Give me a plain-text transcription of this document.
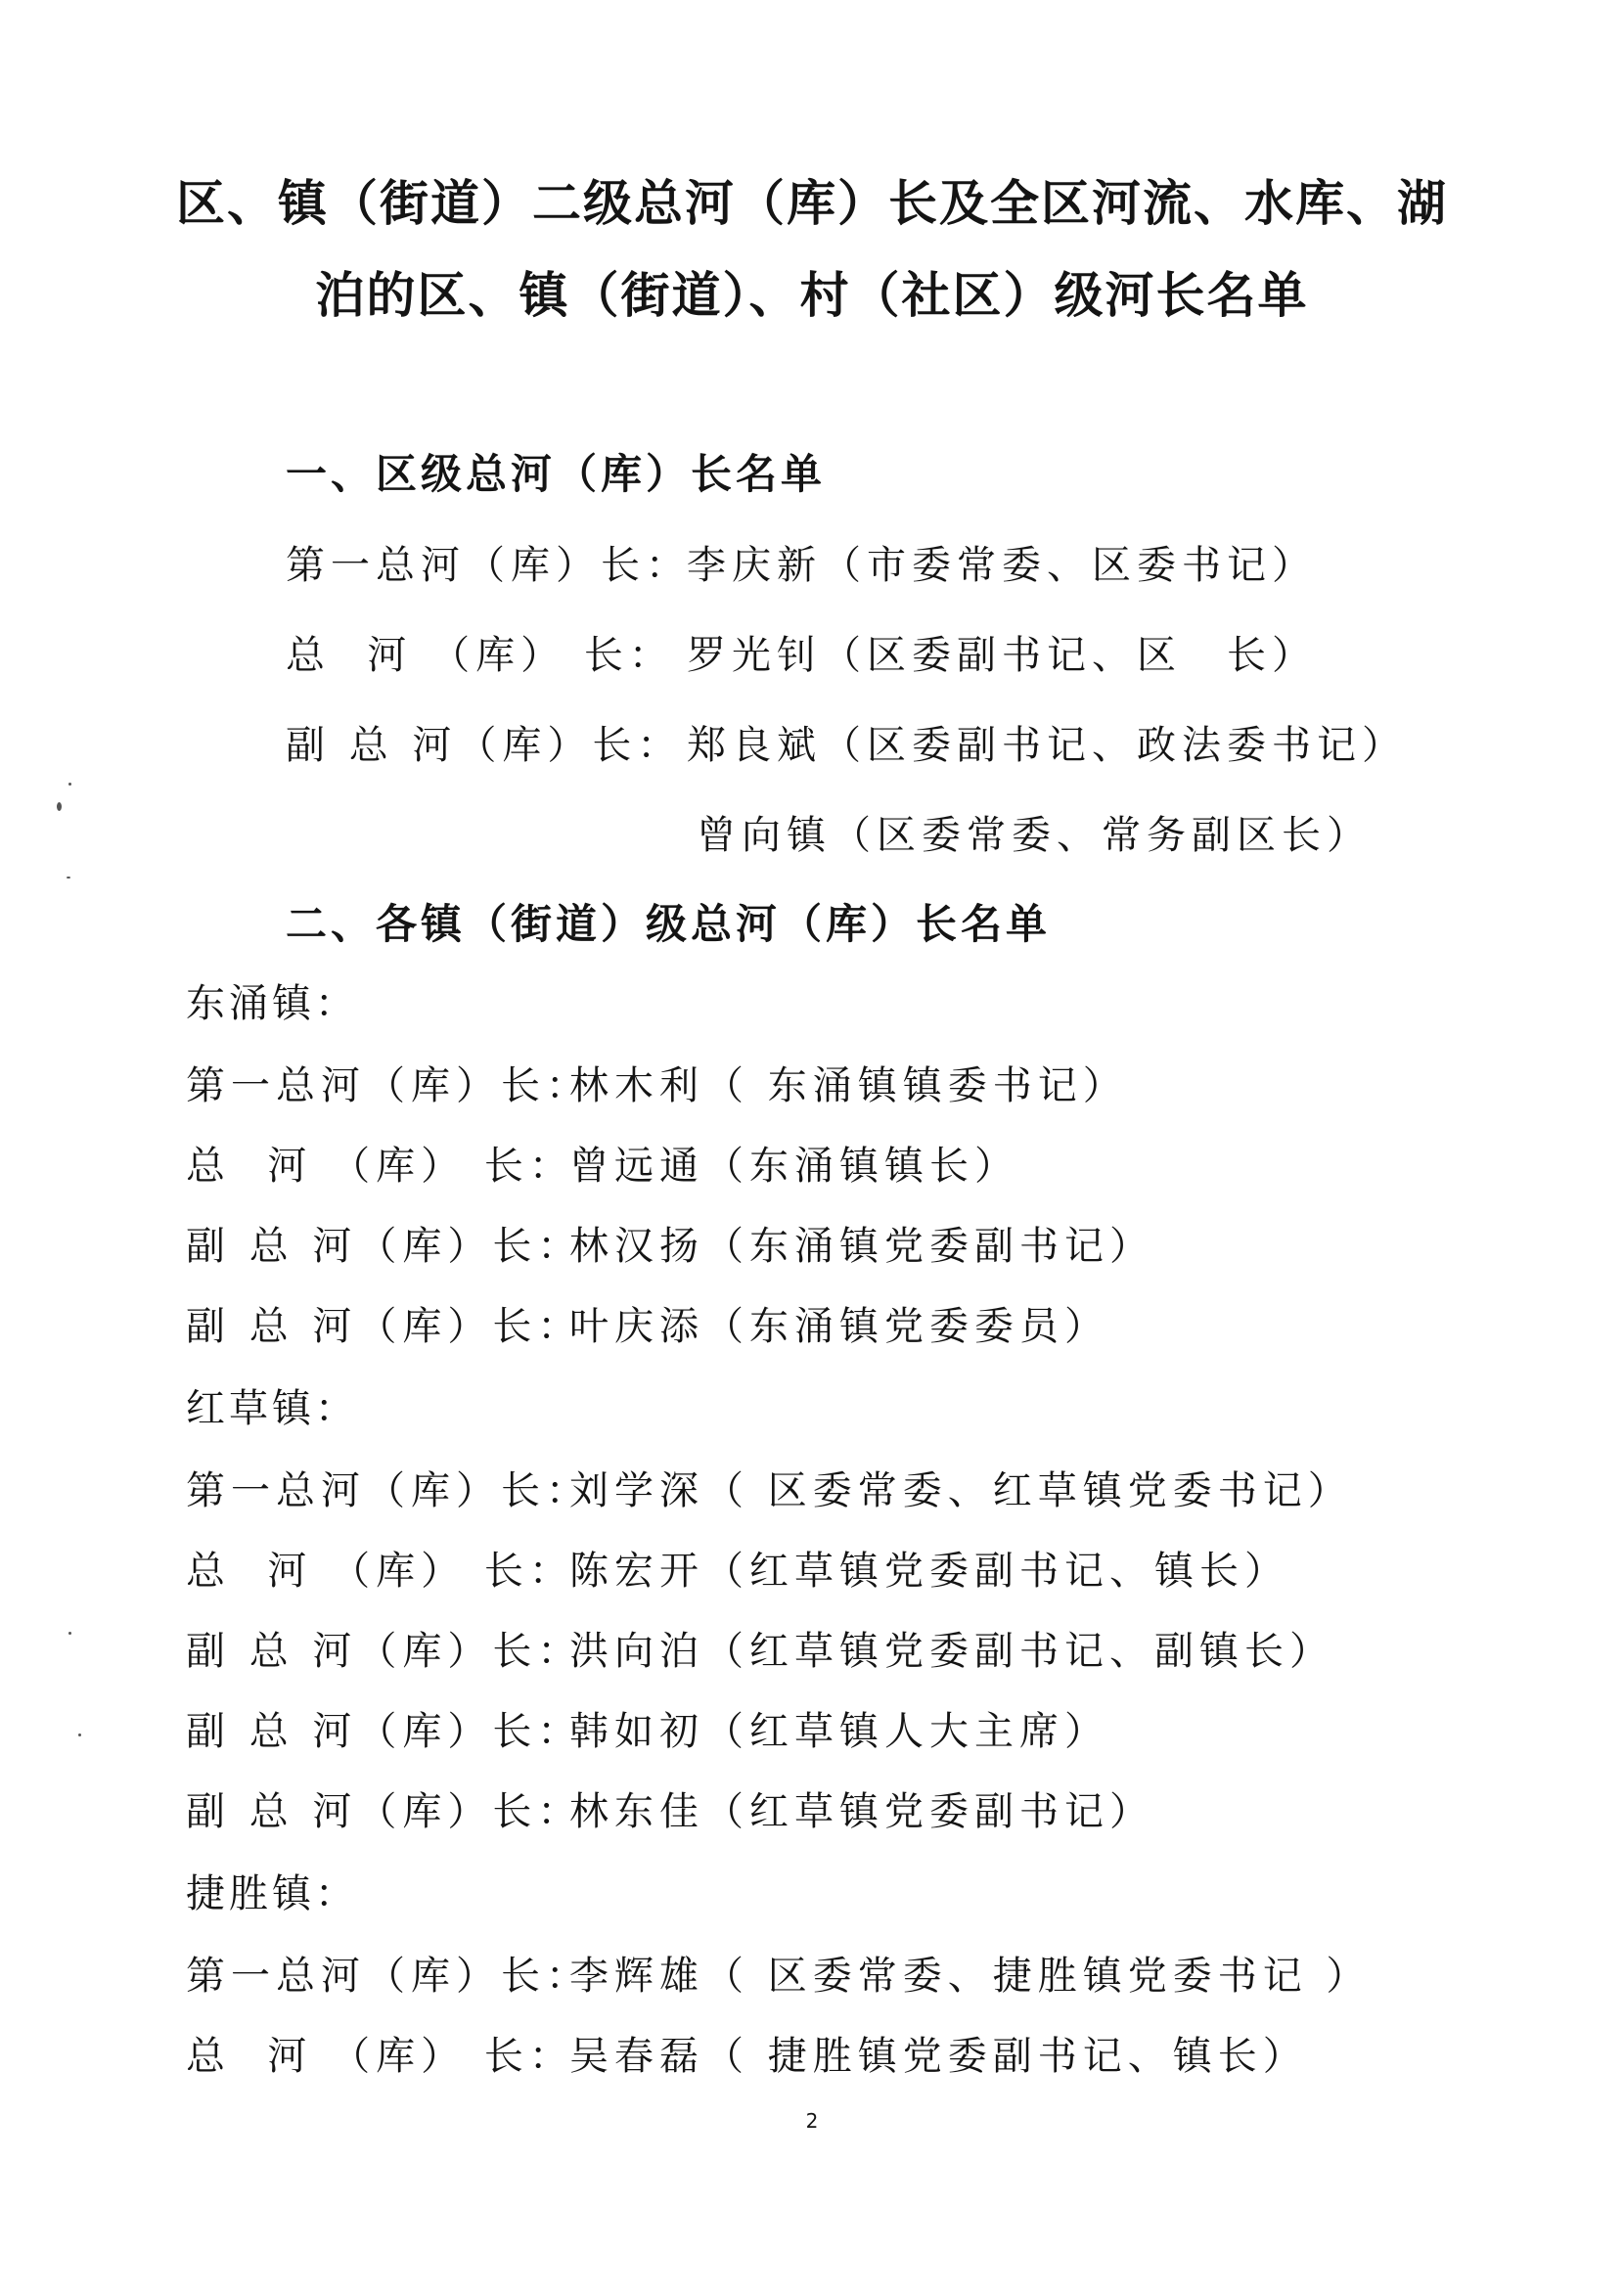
区、镇（街道）二级总河（库）长及全区河流、水库、湖
泊的区、镇（街道）、村（社区）级河长名单
一、区级总河（库）长名单
第一总河（库）长：李庆新（市委常委、区委书记）
总  河 （库） 长： 罗光钊（区委副书记、区　长）
副 总 河（库）长： 郑良斌（区委副书记、政法委书记）
曾向镇（区委常委、常务副区长）
二、各镇（街道）级总河（库）长名单
东涌镇：
第一总河（库）长：林木利（ 东涌镇镇委书记）
总  河 （库） 长：曾远通（东涌镇镇长）
副 总 河（库）长：林汉扬（东涌镇党委副书记）
副 总 河（库）长：叶庆添（东涌镇党委委员）
红草镇：
第一总河（库）长：刘学深（ 区委常委、红草镇党委书记）
总  河 （库） 长：陈宏开（红草镇党委副书记、镇长）
副 总 河（库）长：洪向泊（红草镇党委副书记、副镇长）
副 总 河（库）长：韩如初（红草镇人大主席）
副 总 河（库）长：林东佳（红草镇党委副书记）
捷胜镇：
第一总河（库）长：李辉雄（ 区委常委、捷胜镇党委书记 ）
总  河 （库） 长：吴春磊（ 捷胜镇党委副书记、镇长）
2
